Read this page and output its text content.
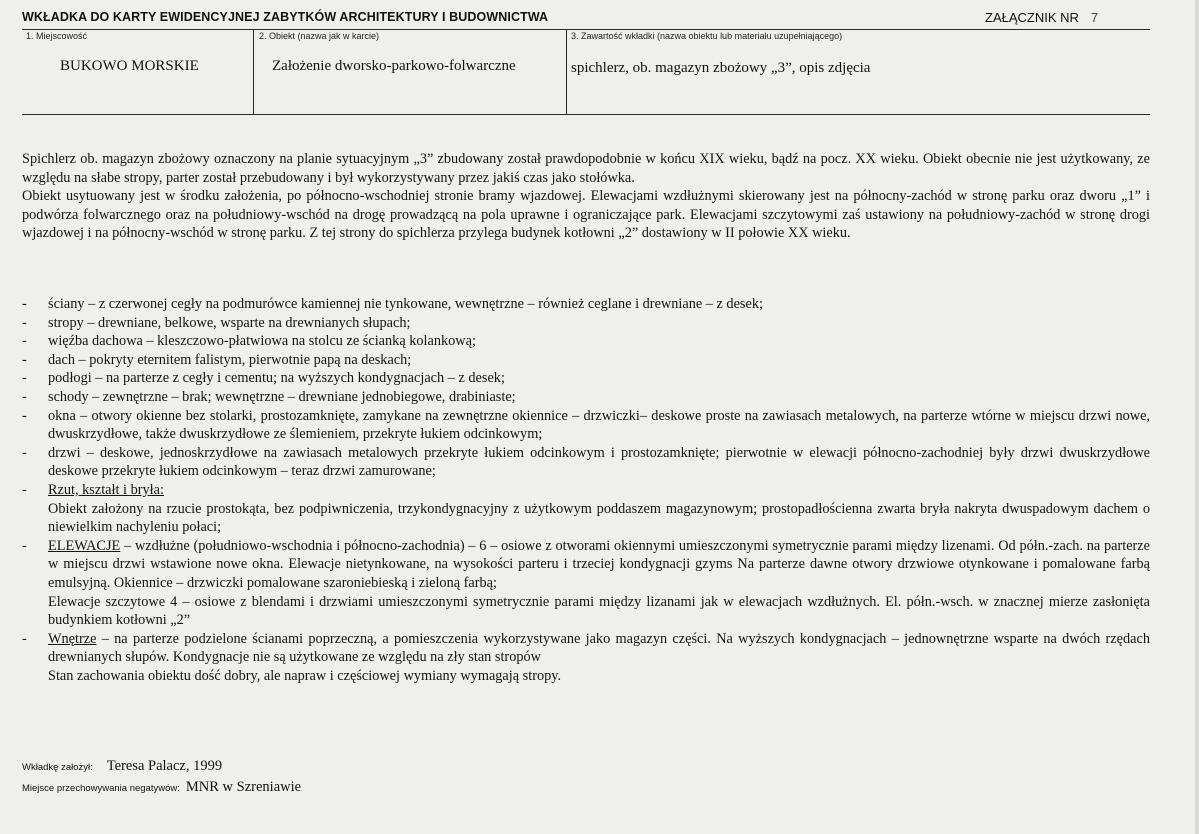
WKŁADKA DO KARTY EWIDENCYJNEJ ZABYTKÓW ARCHITEKTURY I BUDOWNICTWA	ZAŁĄCZNIK NR 7
1. Miejscowość	2. Obiekt (nazwa jak w karcie)	3. Zawartość wkładki (nazwa obiektu lub materiału uzupełniającego)
BUKOWO MORSKIE	Założenie dworsko-parkowo-folwarczne	spichlerz, ob. magazyn zbożowy „3”, opis zdjęcia

Spichlerz ob. magazyn zbożowy oznaczony na planie sytuacyjnym „3” zbudowany został prawdopodobnie w końcu XIX wieku, bądź na pocz. XX wieku. Obiekt obecnie nie jest użytkowany, ze względu na słabe stropy, parter został przebudowany i był wykorzystywany przez jakiś czas jako stołówka.

Obiekt usytuowany jest w środku założenia, po północno-wschodniej stronie bramy wjazdowej. Elewacjami wzdłużnymi skierowany jest na północny-zachód w stronę parku oraz dworu „1” i podwórza folwarcznego oraz na południowy-wschód na drogę prowadzącą na pola uprawne i ograniczające park. Elewacjami szczytowymi zaś ustawiony na południowy-zachód w stronę drogi wjazdowej i na północny-wschód w stronę parku. Z tej strony do spichlerza przylega budynek kotłowni „2” dostawiony w II połowie XX wieku.

-	ściany – z czerwonej cegły na podmurówce kamiennej nie tynkowane, wewnętrzne – również ceglane i drewniane – z desek;
-	stropy – drewniane, belkowe, wsparte na drewnianych słupach;
-	więźba dachowa – kleszczowo-płatwiowa na stolcu ze ścianką kolankową;
-	dach – pokryty eternitem falistym, pierwotnie papą na deskach;
-	podłogi – na parterze z cegły i cementu; na wyższych kondygnacjach – z desek;
-	schody – zewnętrzne – brak; wewnętrzne – drewniane jednobiegowe, drabiniaste;
-	okna – otwory okienne bez stolarki, prostozamknięte, zamykane na zewnętrzne okiennice – drzwiczki– deskowe proste na zawiasach metalowych, na parterze wtórne w miejscu drzwi nowe, dwuskrzydłowe, także dwuskrzydłowe ze ślemieniem, przekryte łukiem odcinkowym;
-	drzwi – deskowe, jednoskrzydłowe na zawiasach metalowych przekryte łukiem odcinkowym i prostozamknięte; pierwotnie w elewacji północno-zachodniej były drzwi dwuskrzydłowe deskowe przekryte łukiem odcinkowym – teraz drzwi zamurowane;
-	Rzut, kształt i bryła:
Obiekt założony na rzucie prostokąta, bez podpiwniczenia, trzykondygnacyjny z użytkowym poddaszem magazynowym; prostopadłościenna zwarta bryła nakryta dwuspadowym dachem o niewielkim nachyleniu połaci;
-	ELEWACJE – wzdłużne (południowo-wschodnia i północno-zachodnia) – 6 – osiowe z otworami okiennymi umieszczonymi symetrycznie parami między lizenami. Od półn.-zach. na parterze w miejscu drzwi wstawione nowe okna. Elewacje nietynkowane, na wysokości parteru i trzeciej kondygnacji gzyms Na parterze dawne otwory drzwiowe otynkowane i pomalowane farbą emulsyjną. Okiennice – drzwiczki pomalowane szaroniebieską i zieloną farbą;
Elewacje szczytowe 4 – osiowe z blendami i drzwiami umieszczonymi symetrycznie parami między lizanami jak w elewacjach wzdłużnych. El. półn.-wsch. w znacznej mierze zasłonięta budynkiem kotłowni „2”
-	Wnętrze – na parterze podzielone ścianami poprzeczną, a pomieszczenia wykorzystywane jako magazyn części. Na wyższych kondygnacjach – jednownętrzne wsparte na dwóch rzędach drewnianych słupów. Kondygnacje nie są użytkowane ze względu na zły stan stropów
Stan zachowania obiektu dość dobry, ale napraw i częściowej wymiany wymagają stropy.
Wkładkę założył: Teresa Palacz, 1999
Miejsce przechowywania negatywów: MNR w Szreniawie
